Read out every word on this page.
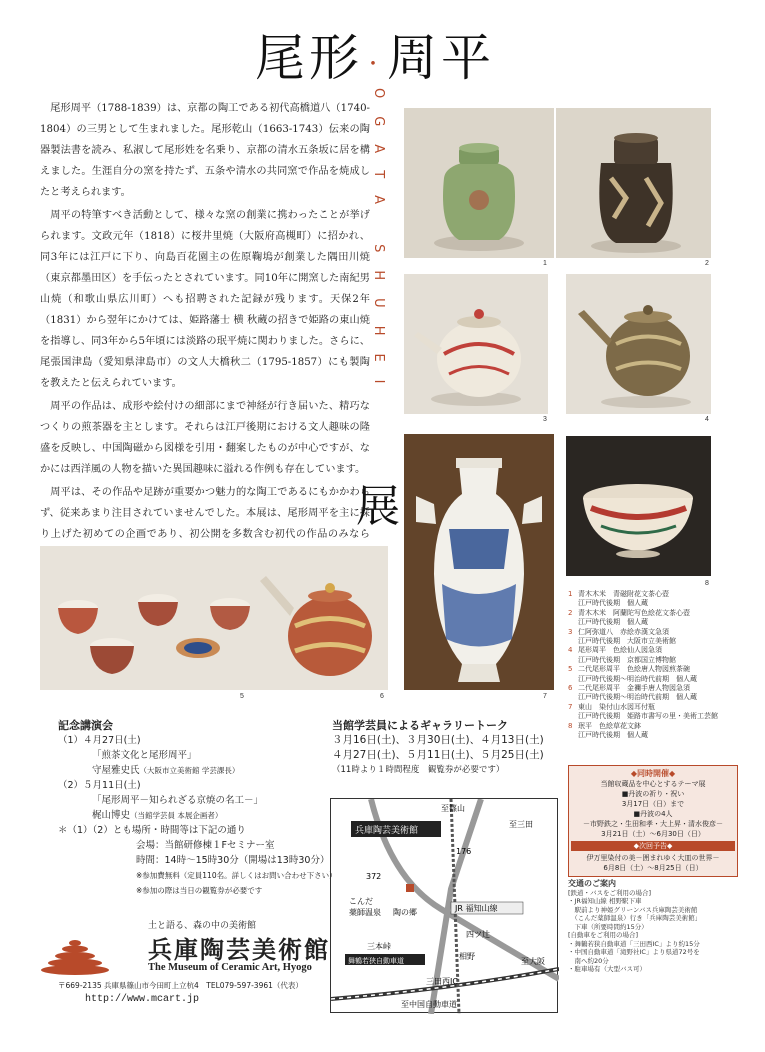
尾形・周平
OGATA SHUHEI
展

尾形周平（1788-1839）は、京都の陶工である初代高橋道八（1740-1804）の三男として生まれました。尾形乾山（1663-1743）伝来の陶器製法書を読み、私淑して尾形姓を名乗り、京都の清水五条坂に居を構えました。生涯自分の窯を持たず、五条や清水の共同窯で作品を焼成したと考えられます。

周平の特筆すべき活動として、様々な窯の創業に携わったことが挙げられます。文政元年（1818）に桜井里焼（大阪府高槻町）に招かれ、同3年には江戸に下り、向島百花園主の佐原鞠塢が創業した隅田川焼（東京都墨田区）を手伝ったとされています。同10年に開窯した南紀男山焼（和歌山県広川町）へも招聘された記録が残ります。天保2年（1831）から翌年にかけては、姫路藩士 横 秋蔵の招きで姫路の東山焼を指導し、同3年から5年頃には淡路の珉平焼に関わりました。さらに、尾張国津島（愛知県津島市）の文人大橋秋二（1795-1857）にも製陶を教えたと伝えられています。

周平の作品は、成形や絵付けの細部にまで神経が行き届いた、精巧なつくりの煎茶器を主とします。それらは江戸後期における文人趣味の隆盛を反映し、中国陶磁から図様を引用・翻案したものが中心ですが、なかには西洋風の人物を描いた異国趣味に溢れる作例も存在しています。

周平は、その作品や足跡が重要かつ魅力的な陶工であるにもかかわらず、従来あまり注目されていませんでした。本展は、尾形周平を主に採り上げた初めての企画であり、初公開を多数含む初代の作品のみなら

1	2
3	4
7
8
5	6
1 青木木米　青磁附花文茶心壺
江戸時代後期　個人蔵
2 青木木米　阿蘭陀写色絵花文茶心壺
江戸時代後期　個人蔵
3 仁阿弥道八　赤絵赤漢文急須
江戸時代後期　大阪市立美術館
4 尾形周平　色絵仙人図急須
江戸時代後期　京都国立博物館
5 二代尾形周平　色絵唐人物図煎茶碗
江戸時代後期〜明治時代前期　個人蔵
6 二代尾形周平　金襴手唐人物図急須
江戸時代後期〜明治時代前期　個人蔵
7 東山　染付山水図耳付瓶
江戸時代後期　姫路市書写の里・美術工芸館
8 珉平　色絵草花文鉢
江戸時代後期　個人蔵
記念講演会
（1）４月27日(土)
「煎茶文化と尾形周平」
守屋雅史氏（大阪市立美術館 学芸課長）
（2）５月11日(土)
「尾形周平－知られざる京焼の名工－」
梶山博史（当館学芸員 本展企画者）
＊（1）（2）とも場所・時間等は下記の通り
会場：当館研修棟１Fセミナー室
時間：14時〜15時30分（開場は13時30分）
※参加費無料（定員110名。詳しくはお問い合わせ下さい）
※参加の際は当日の観覧券が必要です
当館学芸員によるギャラリートーク
３月16日(土)、３月30日(土)、４月13日(土)
４月27日(土)、５月11日(土)、５月25日(土)
（11時より１時間程度　観覧券が必要です）
兵庫陶芸美術館
至篠山
至三田
176
372
こんだ
薬師温泉 陶の郷	JR 福知山線
四ツ辻
相野
三本峠
舞鶴若狭自動車道
三田西IC
至中国自動車道
至大阪
◆同時開催◆
当館収蔵品を中心とするテーマ展
■丹波の祈り・祝い
3月17日（日）まで
■丹波の4人
－市野鉄之・生田和孝・大上昇・清水俊彦－
3月21日（土）〜6月30日（日）
◆次回予告◆
伊万里染付の美－囲まれゆく大皿の世界－
6月8日（土）〜8月25日（日）
交通のご案内
[鉄道・バスをご利用の場合]
・JR福知山線 相野駅下車
　駅前より神姫グリーンバス兵庫陶芸美術館
　（こんだ薬師温泉）行き「兵庫陶芸美術館」
　下車（所要時間約15分）
[自動車をご利用の場合]
・舞鶴若狭自動車道「三田西IC」より約15分
・中国自動車道「滝野社IC」より県道72号を
　南へ約20分
・駐車場有（大型バス可）
土と語る、森の中の美術館
兵庫陶芸美術館
The Museum of Ceramic Art, Hyogo
〒669-2135 兵庫県篠山市今田町上立杭4　TEL079-597-3961（代表）
http://www.mcart.jp
